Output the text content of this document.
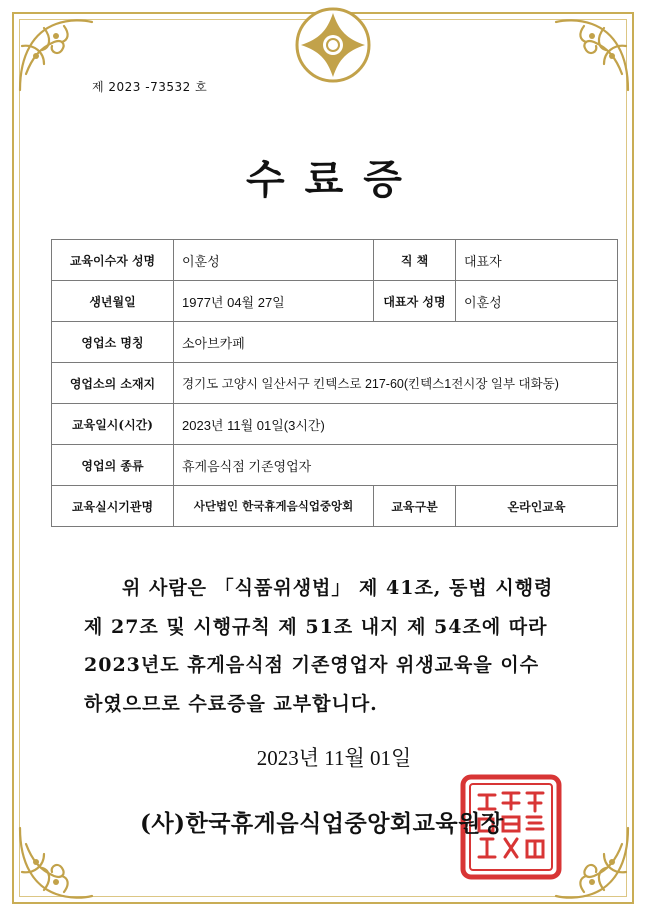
제 2023 -73532 호
수료증
교육이수자 성명	이훈성	직 책	대표자
생년월일	1977년 04월 27일	대표자 성명	이훈성
영업소 명칭	소아브카페		
영업소의 소재지	경기도 고양시 일산서구 킨텍스로 217-60(킨텍스1전시장 일부 대화동)		
교육일시(시간)	2023년 11월 01일(3시간)		
영업의 종류	휴게음식점 기존영업자		
교육실시기관명	사단법인 한국휴게음식업중앙회	교육구분	온라인교육
위 사람은 「식품위생법」 제 41조, 동법 시행령
제 27조 및 시행규칙 제 51조 내지 제 54조에 따라
2023년도 휴게음식점 기존영업자 위생교육을 이수
하였으므로 수료증을 교부합니다.
2023년 11월 01일
(사)한국휴게음식업중앙회교육원장
